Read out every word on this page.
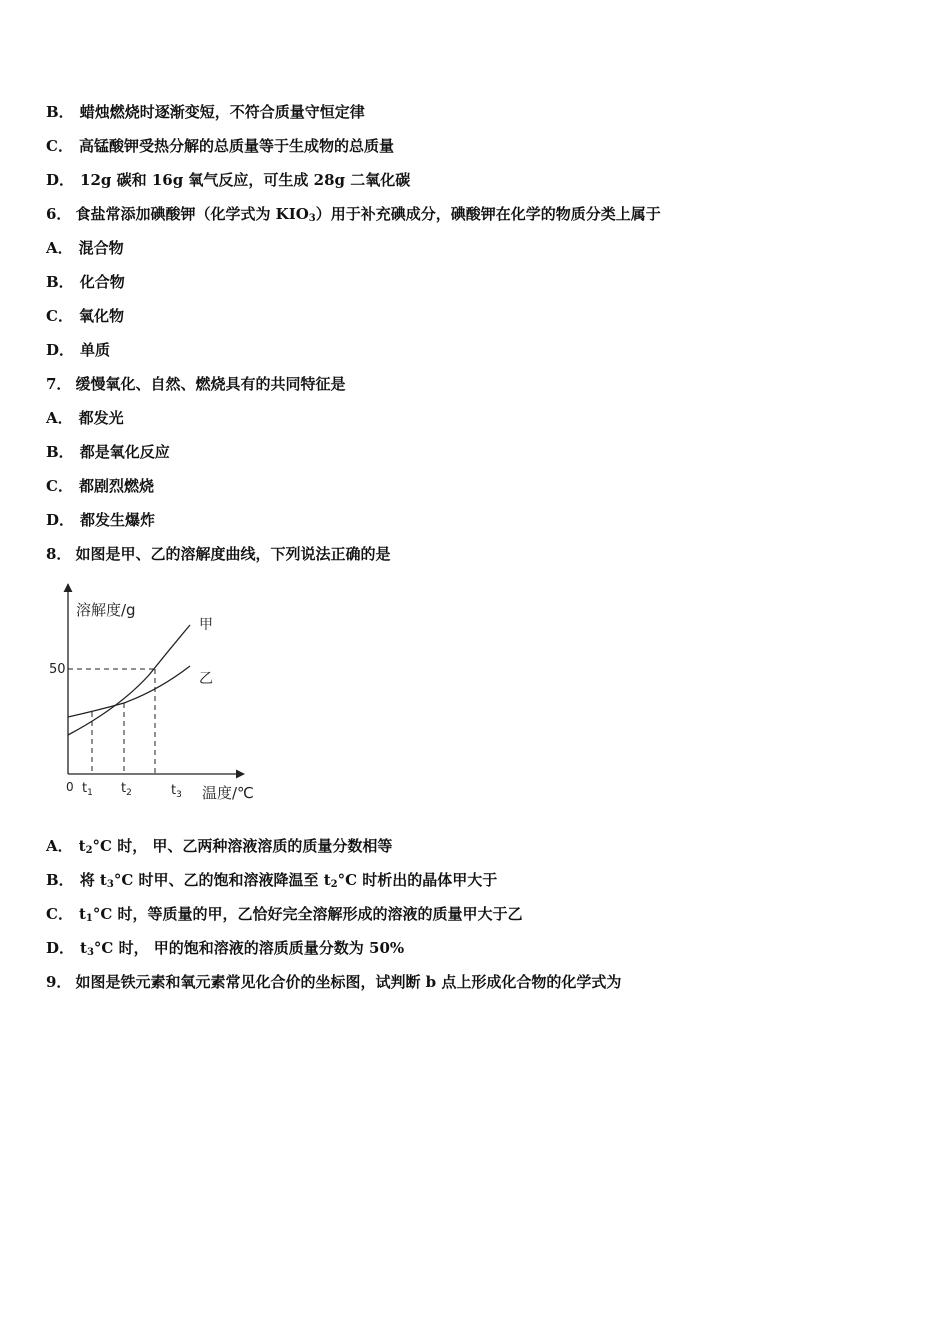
B． 蜡烛燃烧时逐渐变短，不符合质量守恒定律
C． 高锰酸钾受热分解的总质量等于生成物的总质量
D． 12g 碳和 16g 氧气反应，可生成 28g 二氧化碳
6． 食盐常添加碘酸钾（化学式为 $KIO_3$）用于补充碘成分，碘酸钾在化学的物质分类上属于
A． 混合物
B． 化合物
C． 氧化物
D． 单质
7． 缓慢氧化、自然、燃烧具有的共同特征是
A． 都发光
B． 都是氧化反应
C． 都剧烈燃烧
D． 都发生爆炸
8． 如图是甲、乙的溶解度曲线，下列说法正确的是
溶解度/g
温度/℃
0
50
$t_1$ $t_2$	$t_3$
甲
乙
A． $t_2^\circ C$ 时， 甲、乙两种溶液溶质的质量分数相等
B． 将 $t_3^\circ C$ 时甲、乙的饱和溶液降温至 $t_2^\circ C$ 时析出的晶体甲大于
C． $t_1^\circ C$ 时，等质量的甲，乙恰好完全溶解形成的溶液的质量甲大于乙
D． $t_3^\circ C$ 时， 甲的饱和溶液的溶质质量分数为 50%
9． 如图是铁元素和氧元素常见化合价的坐标图，试判断 b 点上形成化合物的化学式为
